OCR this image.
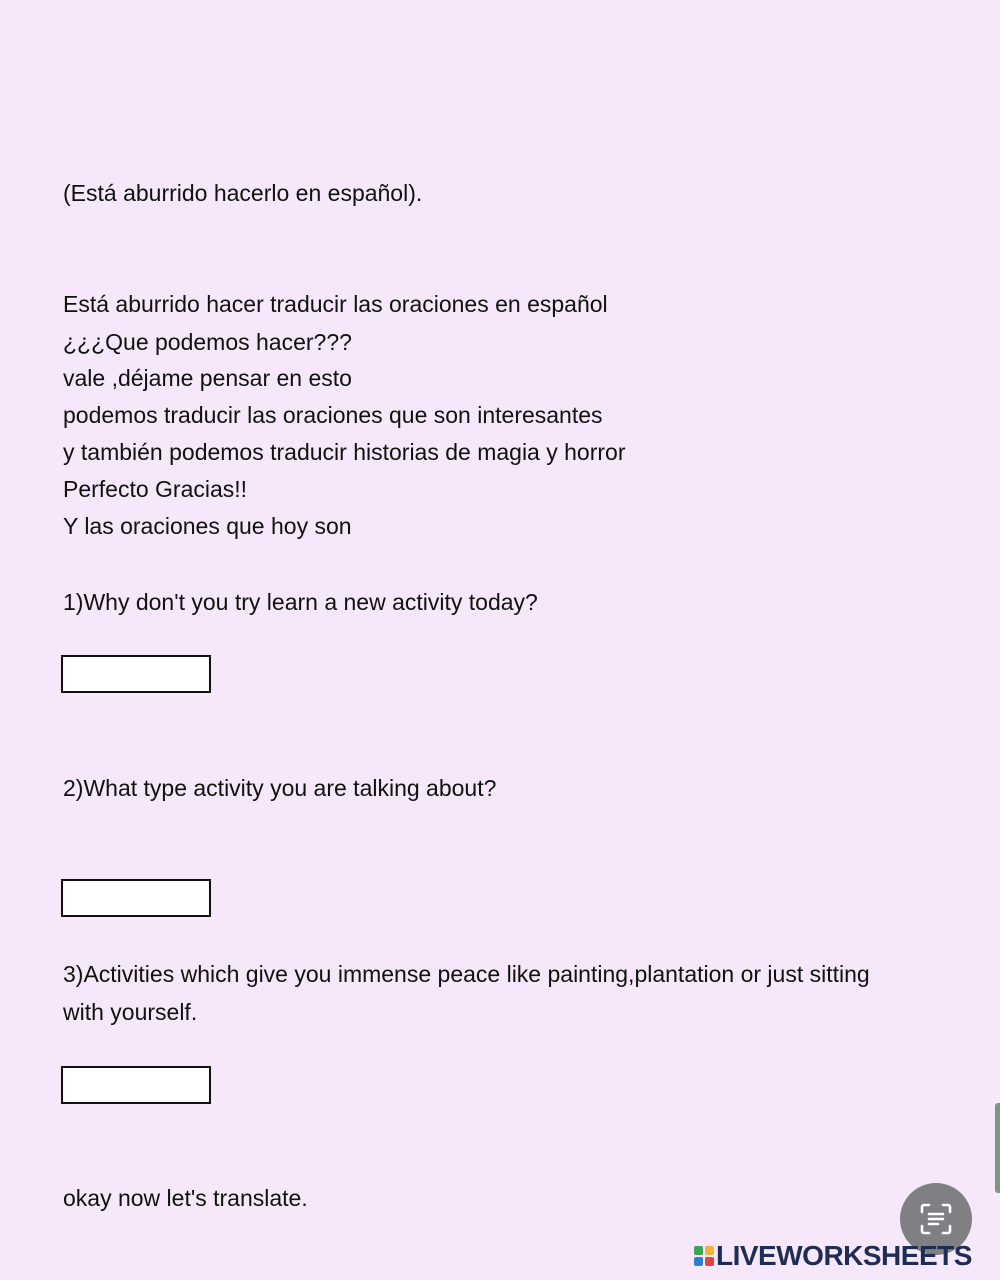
(Está aburrido hacerlo en español).
Está aburrido hacer traducir las oraciones en español
¿¿¿Que podemos hacer???
vale ,déjame pensar en esto
podemos traducir las oraciones que son interesantes
y también podemos traducir historias de magia y horror
Perfecto Gracias!!
Y las oraciones que hoy son
1)Why don't you try learn a new activity today?
2)What type activity you are talking about?
3)Activities which give you immense peace like painting,plantation or just sitting
with yourself.
okay now let's translate.
LIVEWORKSHEETS
